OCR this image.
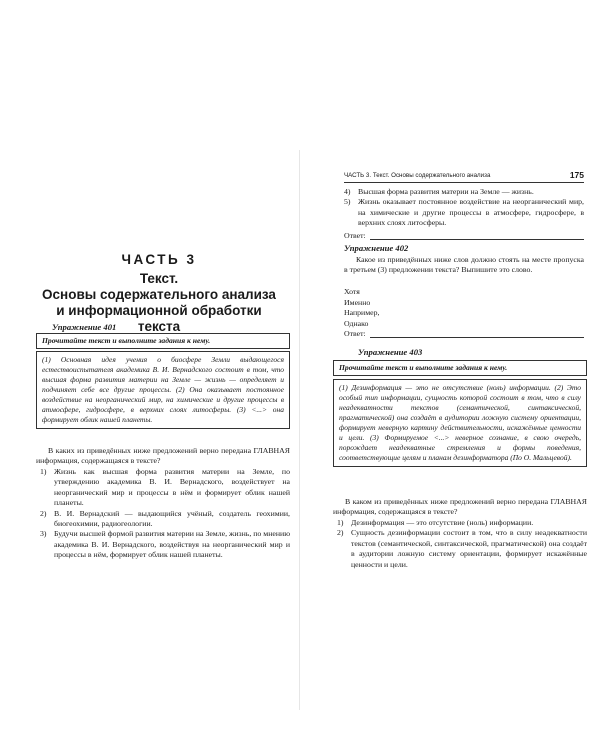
ЧАСТЬ 3
Текст.
Основы содержательного анализа
и информационной обработки
текста
Упражнение 401
Прочитайте текст и выполните задания к нему.

(1) Основная идея учения о биосфере Земли выдающегося естествоиспытателя академика В. И. Вернадского состоит в том, что высшая форма развития материи на Земле — жизнь — определяет и подчиняет себе все другие процессы. (2) Она оказывает постоянное воздействие на неорганический мир, на химические и другие процессы в атмосфере, гидросфере, в верхних слоях литосферы. (3) <...> она формирует облик нашей планеты.

В каких из приведённых ниже предложений верно передана ГЛАВНАЯ информация, содержащаяся в тексте?
1) Жизнь как высшая форма развития материи на Земле, по утверждению академика В. И. Вернадского, воздействует на неорганический мир и процессы в нём и формирует облик нашей планеты.
2) В. И. Вернадский — выдающийся учёный, создатель геохимии, биогеохимии, радиогеологии.
3) Будучи высшей формой развития материи на Земле, жизнь, по мнению академика В. И. Вернадского, воздействуя на неорганический мир и процессы в нём, формирует облик нашей планеты.
ЧАСТЬ 3. Текст. Основы содержательного анализа	175
4) Высшая форма развития материи на Земле — жизнь.
5) Жизнь оказывает постоянное воздействие на неорганический мир, на химические и другие процессы в атмосфере, гидросфере, в верхних слоях литосферы.
Ответ:
Упражнение 402
Какое из приведённых ниже слов должно стоять на месте пропуска в третьем (3) предложении текста? Выпишите это слово.
Хотя
Именно
Например,
Однако
Ответ:
Упражнение 403
Прочитайте текст и выполните задания к нему.

(1) Дезинформация — это не отсутствие (ноль) информации. (2) Это особый тип информации, сущность которой состоит в том, что в силу неадекватности текстов (семантической, синтаксической, прагматической) она создаёт в аудитории ложную систему ориентации, формирует неверную картину действительности, искажённые ценности и цели. (3) Формируемое <...> неверное сознание, в свою очередь, порождает неадекватные стремления и формы поведения, соответствующие целям и планам дезинформатора (По О. Мальцевой).

В каком из приведённых ниже предложений верно передана ГЛАВНАЯ информация, содержащаяся в тексте?
1) Дезинформация — это отсутствие (ноль) информации.
2) Сущность дезинформации состоит в том, что в силу неадекватности текстов (семантической, синтаксической, прагматической) она создаёт в аудитории ложную систему ориентации, формирует искажённые ценности и цели.
